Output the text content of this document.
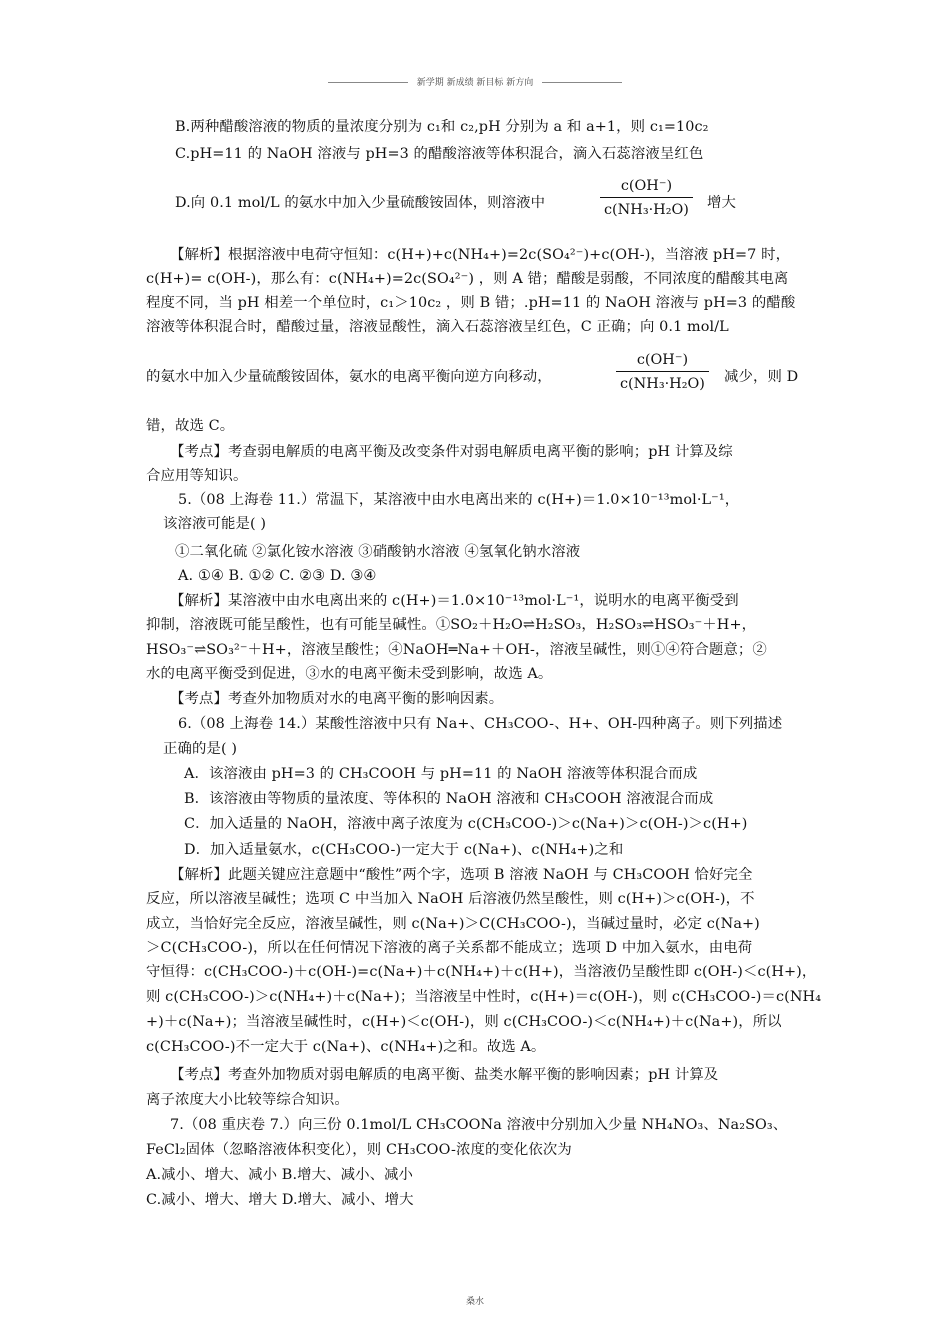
新学期 新成绩 新目标 新方向
B.两种醋酸溶液的物质的量浓度分别为 c₁和 c₂,pH 分别为 a 和 a+1，则 c₁=10c₂
C.pH=11 的 NaOH 溶液与 pH=3 的醋酸溶液等体积混合，滴入石蕊溶液呈红色
D.向 0.1 mol/L 的氨水中加入少量硫酸铵固体，则溶液中	增大
【解析】根据溶液中电荷守恒知：c(H+)+c(NH₄+)=2c(SO₄²⁻)+c(OH-)，当溶液 pH=7 时，
c(H+)= c(OH-)，那么有：c(NH₄+)=2c(SO₄²⁻) ，则 A 错；醋酸是弱酸，不同浓度的醋酸其电离
程度不同，当 pH 相差一个单位时，c₁＞10c₂ ，则 B 错；.pH=11 的 NaOH 溶液与 pH=3 的醋酸
溶液等体积混合时，醋酸过量，溶液显酸性，滴入石蕊溶液呈红色，C 正确；向 0.1 mol/L
的氨水中加入少量硫酸铵固体，氨水的电离平衡向逆方向移动，	减少，则 D
错，故选 C。
【考点】考查弱电解质的电离平衡及改变条件对弱电解质电离平衡的影响；pH 计算及综
合应用等知识。
5.（08 上海卷 11.）常温下，某溶液中由水电离出来的 c(H+)＝1.0×10⁻¹³mol·L⁻¹，
该溶液可能是( )
①二氧化硫 ②氯化铵水溶液 ③硝酸钠水溶液 ④氢氧化钠水溶液
A. ①④ B. ①② C. ②③ D. ③④
【解析】某溶液中由水电离出来的 c(H+)＝1.0×10⁻¹³mol·L⁻¹，说明水的电离平衡受到
抑制，溶液既可能呈酸性，也有可能呈碱性。①SO₂＋H₂O⇌H₂SO₃，H₂SO₃⇌HSO₃⁻＋H+，
HSO₃⁻⇌SO₃²⁻＋H+，溶液呈酸性；④NaOH═Na+＋OH-，溶液呈碱性，则①④符合题意；②
水的电离平衡受到促进，③水的电离平衡未受到影响，故选 A。
【考点】考查外加物质对水的电离平衡的影响因素。
6.（08 上海卷 14.）某酸性溶液中只有 Na+、CH₃COO-、H+、OH-四种离子。则下列描述
正确的是( )
A．该溶液由 pH=3 的 CH₃COOH 与 pH=11 的 NaOH 溶液等体积混合而成
B．该溶液由等物质的量浓度、等体积的 NaOH 溶液和 CH₃COOH 溶液混合而成
C．加入适量的 NaOH，溶液中离子浓度为 c(CH₃COO-)＞c(Na+)＞c(OH-)＞c(H+)
D．加入适量氨水，c(CH₃COO-)一定大于 c(Na+)、c(NH₄+)之和
【解析】此题关键应注意题中“酸性”两个字，选项 B 溶液 NaOH 与 CH₃COOH 恰好完全
反应，所以溶液呈碱性；选项 C 中当加入 NaOH 后溶液仍然呈酸性，则 c(H+)＞c(OH-)，不
成立，当恰好完全反应，溶液呈碱性，则 c(Na+)＞C(CH₃COO-)，当碱过量时，必定 c(Na+)
＞C(CH₃COO-)，所以在任何情况下溶液的离子关系都不能成立；选项 D 中加入氨水，由电荷
守恒得：c(CH₃COO-)＋c(OH-)=c(Na+)＋c(NH₄+)＋c(H+)，当溶液仍呈酸性即 c(OH-)＜c(H+)，
则 c(CH₃COO-)＞c(NH₄+)＋c(Na+)；当溶液呈中性时，c(H+)＝c(OH-)，则 c(CH₃COO-)＝c(NH₄
+)＋c(Na+)；当溶液呈碱性时，c(H+)＜c(OH-)，则 c(CH₃COO-)＜c(NH₄+)＋c(Na+)，所以
c(CH₃COO-)不一定大于 c(Na+)、c(NH₄+)之和。故选 A。
【考点】考查外加物质对弱电解质的电离平衡、盐类水解平衡的影响因素；pH 计算及
离子浓度大小比较等综合知识。
7.（08 重庆卷 7.）向三份 0.1mol/L CH₃COONa 溶液中分别加入少量 NH₄NO₃、Na₂SO₃、
FeCl₂固体（忽略溶液体积变化），则 CH₃COO-浓度的变化依次为
A.减小、增大、减小 B.增大、减小、减小
C.减小、增大、增大 D.增大、减小、增大
c(OH⁻)
c(NH₃·H₂O)
c(OH⁻)
c(NH₃·H₂O)
桑水
